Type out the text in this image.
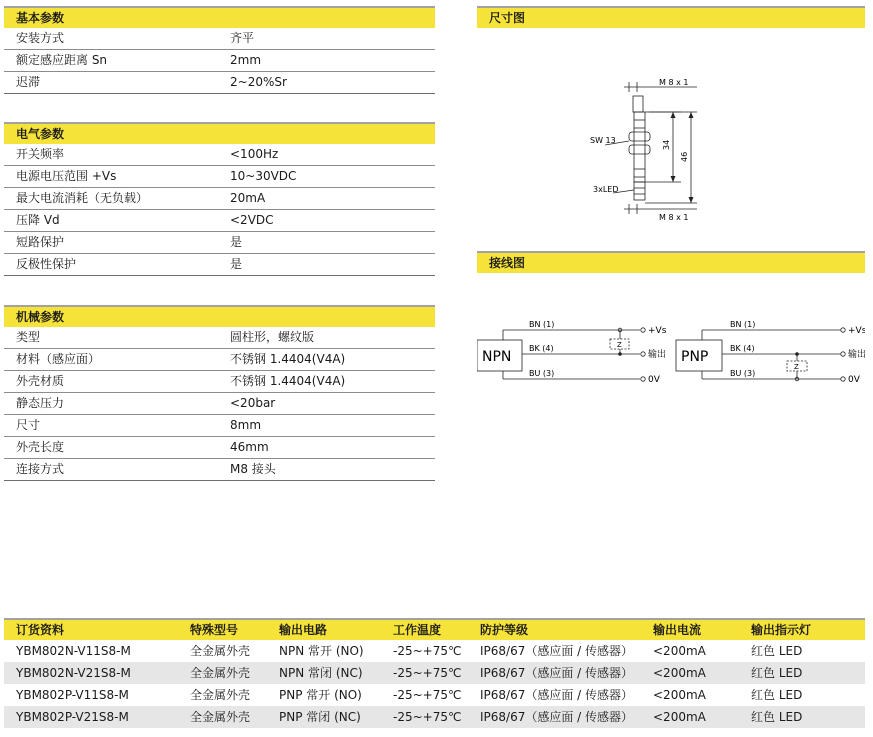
基本参数
安装方式	齐平
额定感应距离 Sn	2mm
迟滞	2~20%Sr
电气参数
开关频率	<100Hz
电源电压范围 +Vs	10~30VDC
最大电流消耗（无负载）	20mA
压降 Vd	<2VDC
短路保护	是
反极性保护	是
机械参数
类型	圆柱形，螺纹版
材料（感应面）	不锈钢 1.4404(V4A)
外壳材质	不锈钢 1.4404(V4A)
静态压力	<20bar
尺寸	8mm
外壳长度	46mm
连接方式	M8 接头
尺寸图
M 8 x 1
M 8 x 1
SW 13
3xLED
34
46
接线图
NPN
BN (1)
BK (4)
BU (3)
Z
+Vs
输出
0V
PNP
BN (1)
BK (4)
BU (3)
Z
+Vs
输出
0V
订货资料	特殊型号	输出电路	工作温度	防护等级	输出电流	输出指示灯
YBM802N-V11S8-M	全金属外壳	NPN 常开 (NO)	-25~+75℃	IP68/67（感应面 / 传感器）	<200mA	红色 LED
YBM802N-V21S8-M	全金属外壳	NPN 常闭 (NC)	-25~+75℃	IP68/67（感应面 / 传感器）	<200mA	红色 LED
YBM802P-V11S8-M	全金属外壳	PNP 常开 (NO)	-25~+75℃	IP68/67（感应面 / 传感器）	<200mA	红色 LED
YBM802P-V21S8-M	全金属外壳	PNP 常闭 (NC)	-25~+75℃	IP68/67（感应面 / 传感器）	<200mA	红色 LED
